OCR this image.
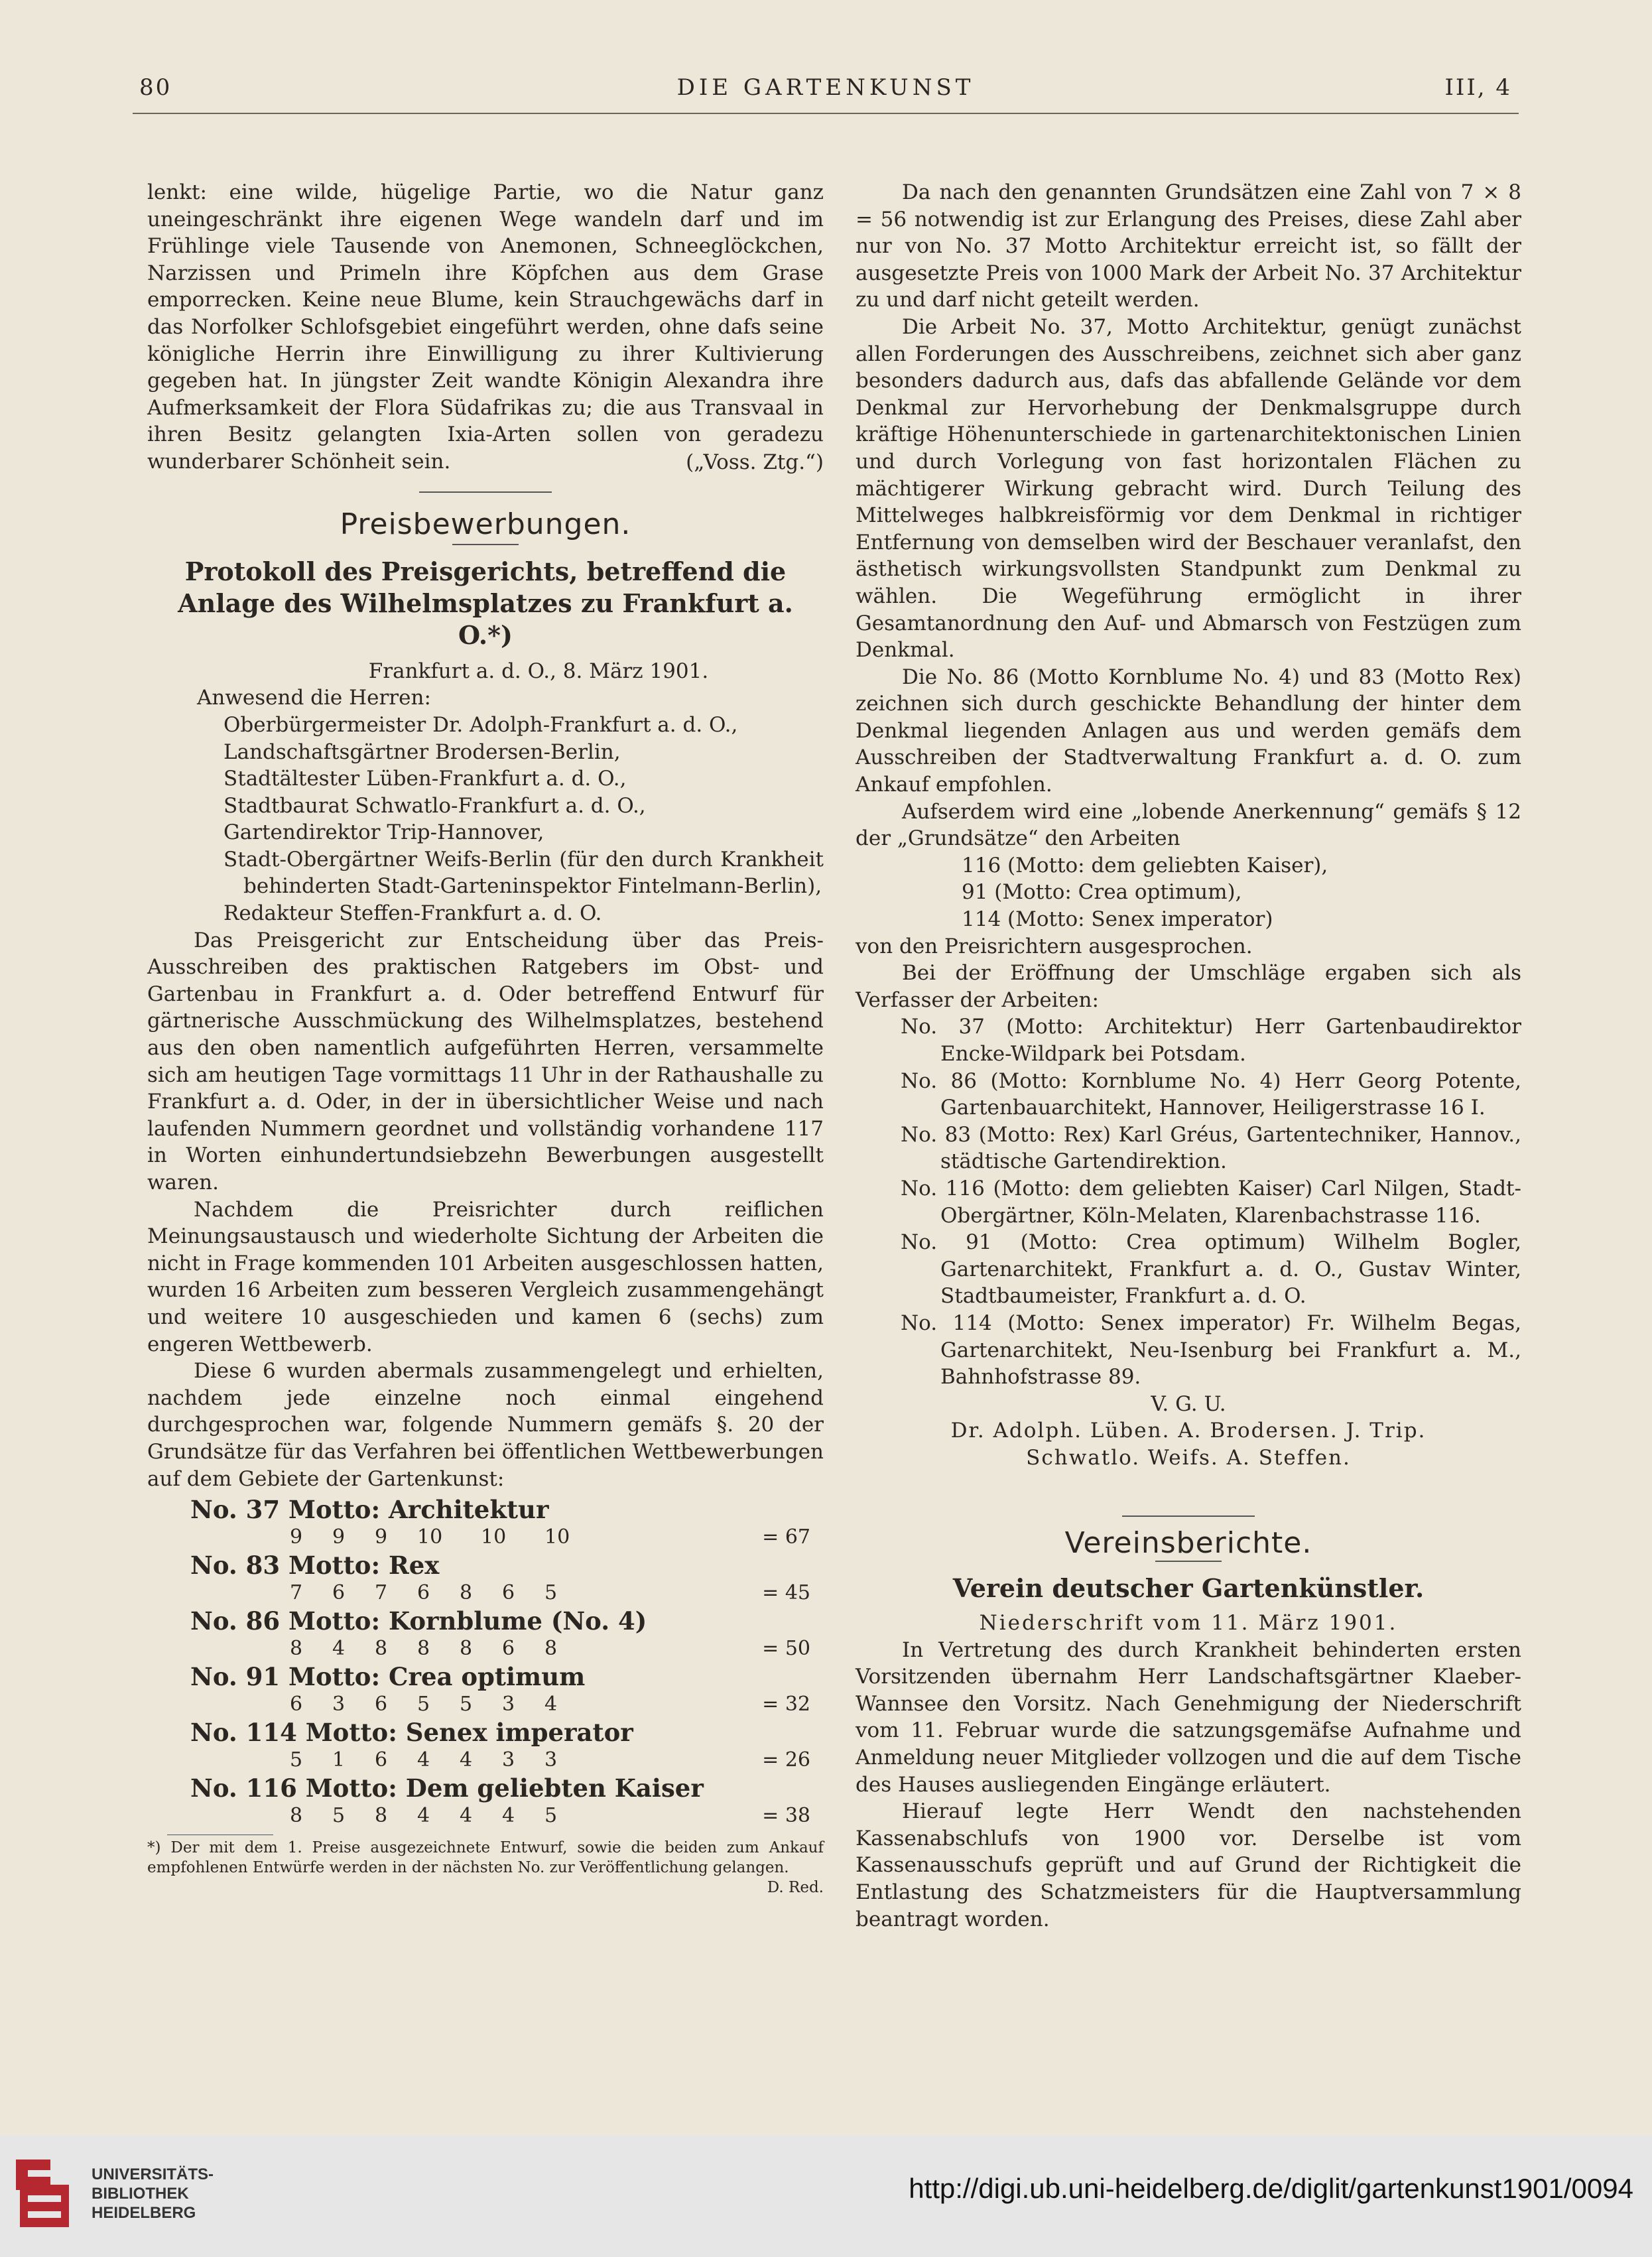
80	DIE GARTENKUNST	III, 4

lenkt: eine wilde, hügelige Partie, wo die Natur ganz uneingeschränkt ihre eigenen Wege wandeln darf und im Frühlinge viele Tausende von Anemonen, Schneeglöckchen, Narzissen und Primeln ihre Köpfchen aus dem Grase emporrecken. Keine neue Blume, kein Strauchgewächs darf in das Norfolker Schlofsgebiet eingeführt werden, ohne dafs seine königliche Herrin ihre Einwilligung zu ihrer Kultivierung gegeben hat. In jüngster Zeit wandte Königin Alexandra ihre Aufmerksamkeit der Flora Südafrikas zu; die aus Transvaal in ihren Besitz gelangten Ixia-Arten sollen von geradezu wunderbarer Schönheit sein.	(„Voss. Ztg.“)

Preisbewerbungen.

Protokoll des Preisgerichts, betreffend die Anlage des Wilhelmsplatzes zu Frankfurt a. O.*)

Frankfurt a. d. O., 8. März 1901.

Anwesend die Herren:

Oberbürgermeister Dr. Adolph-Frankfurt a. d. O.,

Landschaftsgärtner Brodersen-Berlin,

Stadtältester Lüben-Frankfurt a. d. O.,

Stadtbaurat Schwatlo-Frankfurt a. d. O.,

Gartendirektor Trip-Hannover,

Stadt-Obergärtner Weifs-Berlin (für den durch Krankheit behinderten Stadt-Garteninspektor Fintelmann-Berlin),

Redakteur Steffen-Frankfurt a. d. O.

Das Preisgericht zur Entscheidung über das Preis-Ausschreiben des praktischen Ratgebers im Obst- und Gartenbau in Frankfurt a. d. Oder betreffend Entwurf für gärtnerische Ausschmückung des Wilhelmsplatzes, bestehend aus den oben namentlich aufgeführten Herren, versammelte sich am heutigen Tage vormittags 11 Uhr in der Rathaushalle zu Frankfurt a. d. Oder, in der in übersichtlicher Weise und nach laufenden Nummern geordnet und vollständig vorhandene 117 in Worten einhundertundsiebzehn Bewerbungen ausgestellt waren.

Nachdem die Preisrichter durch reiflichen Meinungsaustausch und wiederholte Sichtung der Arbeiten die nicht in Frage kommenden 101 Arbeiten ausgeschlossen hatten, wurden 16 Arbeiten zum besseren Vergleich zusammengehängt und weitere 10 ausgeschieden und kamen 6 (sechs) zum engeren Wettbewerb.

Diese 6 wurden abermals zusammengelegt und erhielten, nachdem jede einzelne noch einmal eingehend durchgesprochen war, folgende Nummern gemäfs §. 20 der Grundsätze für das Verfahren bei öffentlichen Wettbewerbungen auf dem Gebiete der Gartenkunst:

No. 37 Motto: Architektur
9	9	9	10	10	10	= 67
No. 83 Motto: Rex
7	6	7	6	8	6	5	= 45
No. 86 Motto: Kornblume (No. 4)
8	4	8	8	8	6	8	= 50
No. 91 Motto: Crea optimum
6	3	6	5	5	3	4	= 32
No. 114 Motto: Senex imperator
5	1	6	4	4	3	3	= 26
No. 116 Motto: Dem geliebten Kaiser
8	5	8	4	4	4	5	= 38

*) Der mit dem 1. Preise ausgezeichnete Entwurf, sowie die beiden zum Ankauf empfohlenen Entwürfe werden in der nächsten No. zur Veröffentlichung gelangen.

D. Red.

Da nach den genannten Grundsätzen eine Zahl von 7 × 8 = 56 notwendig ist zur Erlangung des Preises, diese Zahl aber nur von No. 37 Motto Architektur erreicht ist, so fällt der ausgesetzte Preis von 1000 Mark der Arbeit No. 37 Architektur zu und darf nicht geteilt werden.

Die Arbeit No. 37, Motto Architektur, genügt zunächst allen Forderungen des Ausschreibens, zeichnet sich aber ganz besonders dadurch aus, dafs das abfallende Gelände vor dem Denkmal zur Hervorhebung der Denkmalsgruppe durch kräftige Höhenunterschiede in gartenarchitektonischen Linien und durch Vorlegung von fast horizontalen Flächen zu mächtigerer Wirkung gebracht wird. Durch Teilung des Mittelweges halbkreisförmig vor dem Denkmal in richtiger Entfernung von demselben wird der Beschauer veranlafst, den ästhetisch wirkungsvollsten Standpunkt zum Denkmal zu wählen. Die Wegeführung ermöglicht in ihrer Gesamtanordnung den Auf- und Abmarsch von Festzügen zum Denkmal.

Die No. 86 (Motto Kornblume No. 4) und 83 (Motto Rex) zeichnen sich durch geschickte Behandlung der hinter dem Denkmal liegenden Anlagen aus und werden gemäfs dem Ausschreiben der Stadtverwaltung Frankfurt a. d. O. zum Ankauf empfohlen.

Aufserdem wird eine „lobende Anerkennung“ gemäfs § 12 der „Grundsätze“ den Arbeiten

116 (Motto: dem geliebten Kaiser),

91 (Motto: Crea optimum),

114 (Motto: Senex imperator)

von den Preisrichtern ausgesprochen.

Bei der Eröffnung der Umschläge ergaben sich als Verfasser der Arbeiten:

No. 37 (Motto: Architektur) Herr Gartenbaudirektor Encke-Wildpark bei Potsdam.

No. 86 (Motto: Kornblume No. 4) Herr Georg Potente, Gartenbauarchitekt, Hannover, Heiligerstrasse 16 I.

No. 83 (Motto: Rex) Karl Gréus, Gartentechniker, Hannov., städtische Gartendirektion.

No. 116 (Motto: dem geliebten Kaiser) Carl Nilgen, Stadt-Obergärtner, Köln-Melaten, Klarenbachstrasse 116.

No. 91 (Motto: Crea optimum) Wilhelm Bogler, Gartenarchitekt, Frankfurt a. d. O., Gustav Winter, Stadtbaumeister, Frankfurt a. d. O.

No. 114 (Motto: Senex imperator) Fr. Wilhelm Begas, Gartenarchitekt, Neu-Isenburg bei Frankfurt a. M., Bahnhofstrasse 89.

V. G. U.

Dr. Adolph. Lüben. A. Brodersen. J. Trip.

Schwatlo. Weifs. A. Steffen.

Vereinsberichte.

Verein deutscher Gartenkünstler.

Niederschrift vom 11. März 1901.

In Vertretung des durch Krankheit behinderten ersten Vorsitzenden übernahm Herr Landschaftsgärtner Klaeber-Wannsee den Vorsitz. Nach Genehmigung der Niederschrift vom 11. Februar wurde die satzungsgemäfse Aufnahme und Anmeldung neuer Mitglieder vollzogen und die auf dem Tische des Hauses ausliegenden Eingänge erläutert.

Hierauf legte Herr Wendt den nachstehenden Kassenabschlufs von 1900 vor. Derselbe ist vom Kassenausschufs geprüft und auf Grund der Richtigkeit die Entlastung des Schatzmeisters für die Hauptversammlung beantragt worden.

UNIVERSITÄTS-
BIBLIOTHEK
HEIDELBERG
http://digi.ub.uni-heidelberg.de/diglit/gartenkunst1901/0094
